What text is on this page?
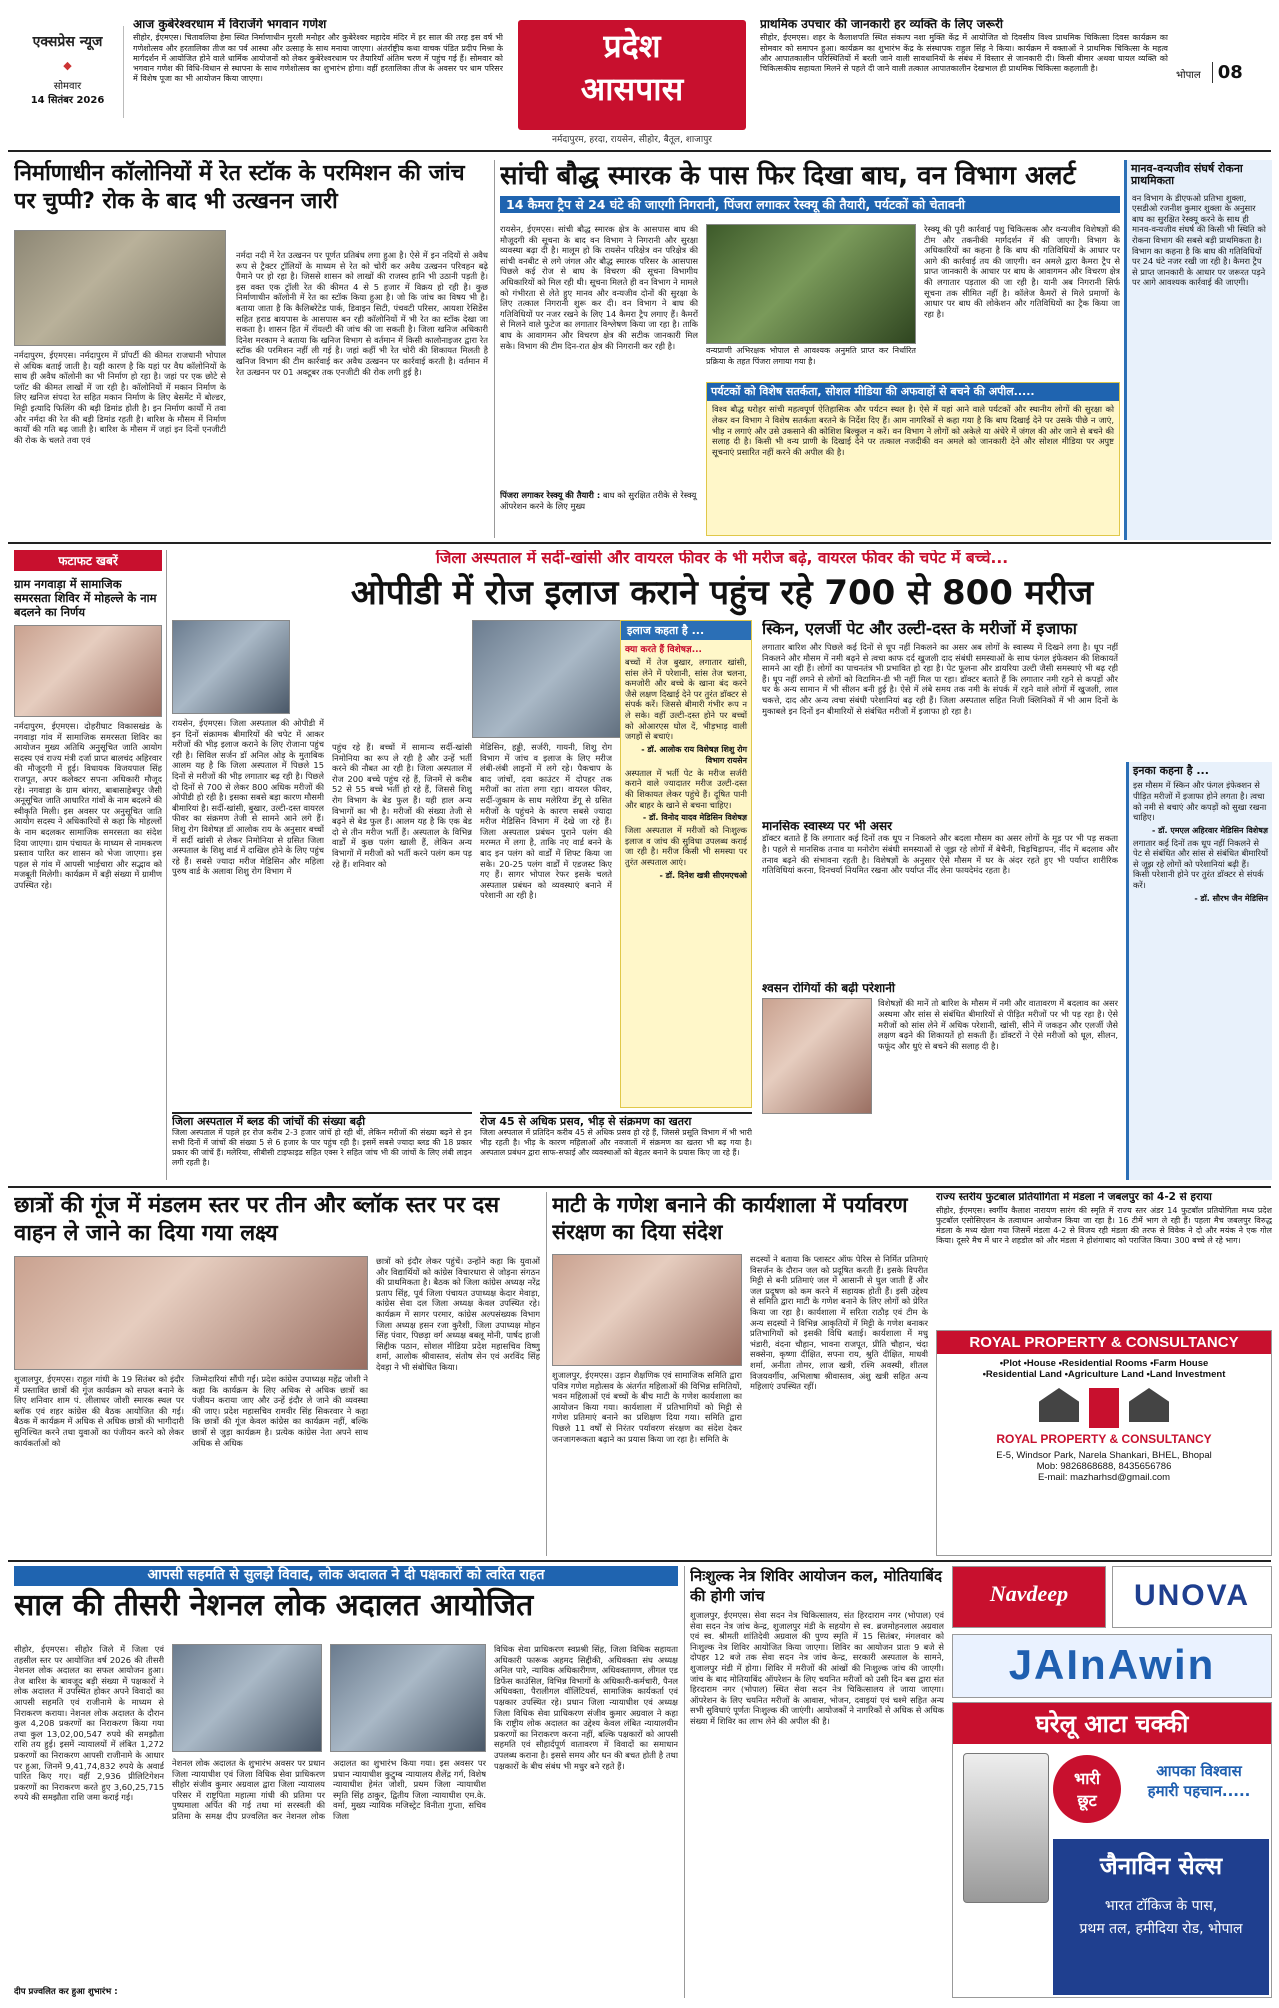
एक्सप्रेस न्यूज
◆
सोमवार
14 सितंबर 2026
आज कुबेरेश्वरधाम में विराजेंगे भगवान गणेश
सीहोर, ईएमएस। चितावलिया हेमा स्थित निर्माणाधीन मुरली मनोहर और कुबेरेश्वर महादेव मंदिर में हर साल की तरह इस वर्ष भी गणेशोत्सव और हरतालिका तीज का पर्व आस्था और उत्साह के साथ मनाया जाएगा। अंतर्राष्ट्रीय कथा वाचक पंडित प्रदीप मिश्रा के मार्गदर्शन में आयोजित होने वाले धार्मिक आयोजनों को लेकर कुबेरेश्वरधाम पर तैयारियाँ अंतिम चरण में पहुंच गई हैं। सोमवार को भगवान गणेश की विधि-विधान से स्थापना के साथ गणेशोत्सव का शुभारंभ होगा। वहीं हरतालिका तीज के अवसर पर धाम परिसर में विशेष पूजा का भी आयोजन किया जाएगा।
प्रदेश
आसपास
नर्मदापुरम, हरदा, रायसेन, सीहोर, बैतूल, शाजापुर
प्राथमिक उपचार की जानकारी हर व्यक्ति के लिए जरूरी
सीहोर, ईएमएस। शहर के कैलाशपति स्थित संकल्प नशा मुक्ति केंद्र में आयोजित वो दिवसीय विश्व प्राथमिक चिकित्सा दिवस कार्यक्रम का सोमवार को समापन हुआ। कार्यक्रम का शुभारंभ केंद्र के संस्थापक राहुल सिंह ने किया। कार्यक्रम में वक्ताओं ने प्राथमिक चिकित्सा के महत्व और आपातकालीन परिस्थितियों में बरती जाने वाली सावधानियों के संबंध में विस्तार से जानकारी दी। किसी बीमार अथवा घायल व्यक्ति को चिकित्सकीय सहायता मिलने से पहले दी जाने वाली तत्काल आपातकालीन देखभाल ही प्राथमिक चिकित्सा कहलाती है।
भोपाल 08
निर्माणाधीन कॉलोनियों में रेत स्टॉक के परमिशन की जांच पर चुप्पी? रोक के बाद भी उत्खनन जारी
नर्मदापुरम, ईएमएस। नर्मदापुरम में प्रॉपर्टी की कीमत राजधानी भोपाल से अधिक बताई जाती है। यही कारण है कि यहां पर वैध कॉलोनियों के साथ ही अवैध कॉलोनी का भी निर्माण हो रहा है। जहां पर एक छोटे से प्लॉट की कीमत लाखों में जा रही है। कॉलोनियों में मकान निर्माण के लिए खनिज संपदा रेत सहित मकान निर्माण के लिए बेसमेंट में बोल्डर, मिट्टी इत्यादि फिलिंग की बड़ी डिमांड होती है। इन निर्माण कार्यों में तवा और नर्मदा की रेत की बड़ी डिमांड रहती है। बारिश के मौसम में निर्माण कार्यों की गति बढ़ जाती है। बारिश के मौसम में जहां इन दिनों एनजीटी की रोक के चलते तवा एवं
नर्मदा नदी में रेत उत्खनन पर पूर्णत प्रतिबंध लगा हुआ है। ऐसे में इन नदियों से अवैध रूप से ट्रैक्टर ट्रॉलियों के माध्यम से रेत को चोरी कर अवैध उत्खनन परिवहन बढ़े पैमाने पर हो रहा है। जिससे शासन को लाखों की राजस्व हानि भी उठानी पड़ती है। इस वक्त एक ट्रॉली रेत की कीमत 4 से 5 हजार में विक्रय हो रही है। कुछ निर्माणाधीन कॉलोनी में रेत का स्टॉक किया हुआ है। जो कि जांच का विषय भी है। बताया जाता है कि कैलिबरेटेड पार्क, डिवाइन सिटी, पंचवटी परिसर, आयशा रेसिडेंस सहित हराड बायपास के आसपास बन रही कॉलोनियों में भी रेत का स्टॉक देखा जा सकता है। शासन हित में रॉयल्टी की जांच की जा सकती है। जिला खनिज अधिकारी दिनेश मरकाम ने बताया कि खनिज विभाग से वर्तमान में किसी कालोनाइजर द्वारा रेत स्टॉक की परमिशन नहीं ली गई है। जहां कहीं भी रेत चोरी की शिकायत मिलती है खनिज विभाग की टीम कार्रवाई कर अवैध उत्खनन पर कार्रवाई करती है। वर्तमान में रेत उत्खनन पर 01 अक्टूबर तक एनजीटी की रोक लगी हुई है।
सांची बौद्ध स्मारक के पास फिर दिखा बाघ, वन विभाग अलर्ट
14 कैमरा ट्रैप से 24 घंटे की जाएगी निगरानी, पिंजरा लगाकर रेस्क्यू की तैयारी, पर्यटकों को चेतावनी
रायसेन, ईएमएस। सांची बौद्ध स्मारक क्षेत्र के आसपास बाघ की मौजूदगी की सूचना के बाद वन विभाग ने निगरानी और सुरक्षा व्यवस्था बढ़ा दी है। मालूम हो कि रायसेन परिक्षेत्र वन परिक्षेत्र की सांची वनबीट से लगे जंगल और बौद्ध स्मारक परिसर के आसपास पिछले कई रोज से बाघ के विचरण की सूचना विभागीय अधिकारियों को मिल रही थी। सूचना मिलते ही वन विभाग ने मामले को गंभीरता से लेते हुए मानव और वन्यजीव दोनों की सुरक्षा के लिए तत्काल निगरानी शुरू कर दी। वन विभाग ने बाघ की गतिविधियों पर नजर रखने के लिए 14 कैमरा ट्रैप लगाए हैं। कैमरों से मिलने वाले फुटेज का लगातार विश्लेषण किया जा रहा है। ताकि बाघ के आवागमन और विचरण क्षेत्र की सटीक जानकारी मिल सके। विभाग की टीम दिन-रात क्षेत्र की निगरानी कर रही है।
पिंजरा लगाकर रेस्क्यू की तैयारी : बाघ को सुरक्षित तरीके से रेस्क्यू ऑपरेशन करने के लिए मुख्य
वन्यप्राणी अभिरक्षक भोपाल से आवश्यक अनुमति प्राप्त कर निर्धारित प्रक्रिया के तहत पिंजरा लगाया गया है।
रेस्क्यू की पूरी कार्रवाई पशु चिकित्सक और वन्यजीव विशेषज्ञों की टीम और तकनीकी मार्गदर्शन में की जाएगी। विभाग के अधिकारियों का कहना है कि बाघ की गतिविधियों के आधार पर आगे की कार्रवाई तय की जाएगी। वन अमले द्वारा कैमरा ट्रैप से प्राप्त जानकारी के आधार पर बाघ के आवागमन और विचरण क्षेत्र की लगातार पड़ताल की जा रही है। यानी अब निगरानी सिर्फ सूचना तक सीमित नहीं है। कॉलेज कैमरों से मिले प्रमाणों के आधार पर बाघ की लोकेशन और गतिविधियों का ट्रैक किया जा रहा है।
पर्यटकों को विशेष सतर्कता, सोशल मीडिया की अफवाहों से बचने की अपील.....
विश्व बौद्ध धरोहर सांची महत्वपूर्ण ऐतिहासिक और पर्यटन स्थल है। ऐसे में यहां आने वाले पर्यटकों और स्थानीय लोगों की सुरक्षा को लेकर वन विभाग ने विशेष सतर्कता बरतने के निर्देश दिए हैं। आम नागरिकों से कहा गया है कि बाघ दिखाई देने पर उसके पीछे न जाएं, भीड़ न लगाएं और उसे उकसाने की कोशिश बिल्कुल न करें। वन विभाग ने लोगों को अकेले या अंधेरे में जंगल की ओर जाने से बचने की सलाह दी है। किसी भी वन्य प्राणी के दिखाई देने पर तत्काल नजदीकी वन अमले को जानकारी देने और सोशल मीडिया पर अपुष्ट सूचनाएं प्रसारित नहीं करने की अपील की है।
मानव-वन्यजीव संघर्ष रोकना प्राथमिकता
वन विभाग के डीएफओ प्रतिभा शुक्ला, एसडीओ रजनीश कुमार शुक्ला के अनुसार बाघ का सुरक्षित रेस्क्यू करने के साथ ही मानव-वन्यजीव संघर्ष की किसी भी स्थिति को रोकना विभाग की सबसे बड़ी प्राथमिकता है। विभाग का कहना है कि बाघ की गतिविधियों पर 24 घंटे नजर रखी जा रही है। कैमरा ट्रैप से प्राप्त जानकारी के आधार पर जरूरत पड़ने पर आगे आवश्यक कार्रवाई की जाएगी।
फटाफट खबरें
ग्राम नगवाड़ा में सामाजिक समरसता शिविर में मोहल्ले के नाम बदलने का निर्णय
नर्मदापुरम, ईएमएस। दोहरीघाट विकासखंड के नगवाड़ा गांव में सामाजिक समरसता शिविर का आयोजन मुख्य अतिथि अनुसूचित जाति आयोग सदस्य एवं राज्य मंत्री दर्जा प्राप्त बालचंद अहिरवार की मौजूदगी में हुई। विधायक विजयपाल सिंह राजपूत, अपर कलेक्टर सपना अधिकारी मौजूद रहे। नगवाड़ा के ग्राम बांगरा, बाबासाहेबपुर जैसी अनूसूचित जाति आधारित गांवों के नाम बदलने की स्वीकृति मिली। इस अवसर पर अनुसूचित जाति आयोग सदस्य ने अधिकारियों से कहा कि मोहल्लों के नाम बदलकर सामाजिक समरसता का संदेश दिया जाएगा। ग्राम पंचायत के माध्यम से नामकरण प्रस्ताव पारित कर शासन को भेजा जाएगा। इस पहल से गांव में आपसी भाईचारा और सद्भाव को मजबूती मिलेगी। कार्यक्रम में बड़ी संख्या में ग्रामीण उपस्थित रहे।
जिला अस्पताल में सर्दी-खांसी और वायरल फीवर के भी मरीज बढ़े, वायरल फीवर की चपेट में बच्चे...
ओपीडी में रोज इलाज कराने पहुंच रहे 700 से 800 मरीज
रायसेन, ईएमएस। जिला अस्पताल की ओपीडी में इन दिनों संक्रामक बीमारियों की चपेट में आकर मरीजों की भीड़ इलाज कराने के लिए रोजाना पहुंच रही है। सिविल सर्जन डॉ अनिल ओड़ के मुताबिक आलम यह है कि जिला अस्पताल में पिछले 15 दिनों से मरीजों की भीड़ लगातार बढ़ रही है। पिछले दो दिनों से 700 से लेकर 800 अधिक मरीजों की ओपीडी हो रही है। इसका सबसे बड़ा कारण मौसमी बीमारियां है। सर्दी-खांसी, बुखार, उल्टी-दस्त वायरल फीवर का संक्रमण तेजी से सामने आने लगे हैं। शिशु रोग विशेषज्ञ डॉ आलोक राय के अनुसार बच्चों में सर्दी खांसी से लेकर निमोनिया से ग्रसित जिला अस्पताल के शिशु वार्ड में दाखिल होने के लिए पहुंच रहे हैं। सबसे ज्यादा मरीज मेडिसिन और महिला पुरुष वार्ड के अलावा शिशु रोग विभाग में
पहुंच रहे हैं। बच्चों में सामान्य सर्दी-खांसी निमोनिया का रूप ले रही है और उन्हें भर्ती करने की नौबत आ रही है। जिला अस्पताल में रोज 200 बच्चे पहुंच रहे हैं, जिनमें से करीब 52 से 55 बच्चे भर्ती हो रहे हैं, जिससे शिशु रोग विभाग के बेड फुल हैं। यही हाल अन्य विभागों का भी है। मरीजों की संख्या तेजी से बढ़ने से बेड फुल हैं। आलम यह है कि एक बेड दो से तीन मरीज भर्ती हैं। अस्पताल के विभिन्न वार्डों में कुछ पलंग खाली हैं, लेकिन अन्य विभागों में मरीजों को भर्ती करने पलंग कम पड़ रहे हैं। शनिवार को
मेडिसिन, हड्डी, सर्जरी, गायनी, शिशु रोग विभाग में जांच व इलाज के लिए मरीज लंबी-लंबी लाइनों में लगे रहे। पैकचाप के बाद जांचों, दवा काउंटर में दोपहर तक मरीजों का तांता लगा रहा। वायरल फीवर, सर्दी-जुकाम के साथ मलेरिया डेंगू से ग्रसित मरीजों के पहुंचने के कारण सबसे ज्यादा मरीज मेडिसिन विभाग में देखे जा रहे हैं। जिला अस्पताल प्रबंधन पुराने पलंग की मरम्मत में लगा है, ताकि नए वार्ड बनने के बाद इन पलंग को वार्डों में शिफ्ट किया जा सके। 20-25 पलंग वार्डों में एडजस्ट किए गए हैं। सागर भोपाल रेफर इसके चलते अस्पताल प्रबंधन को व्यवस्थाएं बनाने में परेशानी आ रही है।
इलाज कहता है ...
क्या करते हैं विशेषज्ञ...
बच्चों में तेज बुखार, लगातार खांसी, सांस लेने में परेशानी, सांस तेज चलना, कमजोरी और बच्चे के खाना बंद करने जैसे लक्षण दिखाई देने पर तुरंत डॉक्टर से संपर्क करें। जिससे बीमारी गंभीर रूप न ले सके। वहीं उल्टी-दस्त होने पर बच्चों को ओआरएस घोल दें, भीड़भाड़ वाली जगहों से बचाएं।
- डॉ. आलोक राय विशेषज्ञ शिशु रोग विभाग रायसेन
अस्पताल में भर्ती पेट के मरीज सर्जरी कराने वाले ज्यादातर मरीज उल्टी-दस्त की शिकायत लेकर पहुंचे हैं। दूषित पानी और बाहर के खाने से बचना चाहिए।
- डॉ. विनोद यादव मेडिसिन विशेषज्ञ
जिला अस्पताल में मरीजों को निःशुल्क इलाज व जांच की सुविधा उपलब्ध कराई जा रही है। मरीज किसी भी समस्या पर तुरंत अस्पताल आएं।
- डॉ. दिनेश खत्री सीएमएचओ
जिला अस्पताल में ब्लड की जांचों की संख्या बढ़ी
जिला अस्पताल में पहले हर रोज करीब 2-3 हजार जांचें हो रही थीं, लेकिन मरीजों की संख्या बढ़ने से इन सभी दिनों में जांचों की संख्या 5 से 6 हजार के पार पहुंच रही है। इसमें सबसे ज्यादा ब्लड की 18 प्रकार प्रकार की जांचें हैं। मलेरिया, सीबीसी टाइफाइड सहित एक्स रे सहित जांच भी की जांचों के लिए लंबी लाइन लगी रहती है।
रोज 45 से अधिक प्रसव, भीड़ से संक्रमण का खतरा
जिला अस्पताल में प्रतिदिन करीब 45 से अधिक प्रसव हो रहे हैं, जिससे प्रसूति विभाग में भी भारी भीड़ रहती है। भीड़ के कारण महिलाओं और नवजातों में संक्रमण का खतरा भी बढ़ गया है। अस्पताल प्रबंधन द्वारा साफ-सफाई और व्यवस्थाओं को बेहतर बनाने के प्रयास किए जा रहे हैं।
स्किन, एलर्जी पेट और उल्टी-दस्त के मरीजों में इजाफा
लगातार बारिश और पिछले कई दिनों से धूप नहीं निकलने का असर अब लोगों के स्वास्थ्य में दिखने लगा है। धूप नहीं निकलने और मौसम में नमी बढ़ने से त्वचा काफ दर्द खुजली दाद संबंधी समस्याओं के साथ फंगल इंफेक्शन की शिकायतें सामने आ रही हैं। लोगों का पाचनतंत्र भी प्रभावित हो रहा है। पेट फूलना और डायरिया उल्टी जैसी समस्याएं भी बढ़ रही हैं। धूप नहीं लगने से लोगों को विटामिन-डी भी नहीं मिल पा रहा। डॉक्टर बताते हैं कि लगातार नमी रहने से कपड़ों और घर के अन्य सामान में भी सीलन बनी हुई है। ऐसे में लंबे समय तक नमी के संपर्क में रहने वाले लोगों में खुजली, लाल चकत्ते, दाद और अन्य त्वचा संबंधी परेशानियां बढ़ रही हैं। जिला अस्पताल सहित निजी क्लिनिकों में भी आम दिनों के मुकाबले इन दिनों इन बीमारियों से संबंधित मरीजों में इजाफा हो रहा है।
मानसिक स्वास्थ्य पर भी असर
डॉक्टर बताते हैं कि लगातार कई दिनों तक धूप न निकलने और बदला मौसम का असर लोगों के मूड पर भी पड़ सकता है। पहले से मानसिक तनाव या मनोरोग संबंधी समस्याओं से जूझ रहे लोगों में बेचैनी, चिड़चिड़ापन, नींद में बदलाव और तनाव बढ़ने की संभावना रहती है। विशेषज्ञों के अनुसार ऐसे मौसम में घर के अंदर रहते हुए भी पर्याप्त शारीरिक गतिविधियां करना, दिनचर्या नियमित रखना और पर्याप्त नींद लेना फायदेमंद रहता है।
श्वसन रोगियों की बढ़ी परेशानी
विशेषज्ञों की मानें तो बारिश के मौसम में नमी और वातावरण में बदलाव का असर अस्थमा और सांस से संबंधित बीमारियों से पीड़ित मरीजों पर भी पड़ रहा है। ऐसे मरीजों को सांस लेने में अधिक परेशानी, खांसी, सीने में जकड़न और एलर्जी जैसे लक्षण बढ़ने की शिकायतें हो सकती हैं। डॉक्टरों ने ऐसे मरीजों को धूल, सीलन, फफूंद और धुएं से बचने की सलाह दी है।
इनका कहना है ...
इस मौसम में स्किन और फंगल इंफेक्शन से पीड़ित मरीजों में इजाफा होने लगता है। त्वचा को नमी से बचाएं और कपड़ों को सुखा रखना चाहिए।
- डॉ. एमएल अहिरवार मेडिसिन विशेषज्ञ
लगातार कई दिनों तक धूप नहीं निकलने से पेट से संबंधित और सांस से संबंधित बीमारियों से जूझ रहे लोगों को परेशानियां बढ़ी हैं। किसी परेशानी होने पर तुरंत डॉक्टर से संपर्क करें।
- डॉ. सौरभ जैन मेडिसिन
छात्रों की गूंज में मंडलम स्तर पर तीन और ब्लॉक स्तर पर दस वाहन ले जाने का दिया गया लक्ष्य
शुजालपुर, ईएमएस। राहुल गांधी के 19 सितंबर को इंदौर में प्रस्तावित छात्रों की गूंज कार्यक्रम को सफल बनाने के लिए शनिवार शाम पं. लीलाधर जोशी स्मारक स्थल पर ब्लॉक एवं शहर कांग्रेस की बैठक आयोजित की गई। बैठक में कार्यक्रम में अधिक से अधिक छात्रों की भागीदारी सुनिश्चित करने तथा युवाओं का पंजीयन करने को लेकर कार्यकर्ताओं को
जिम्मेदारियां सौंपी गईं। प्रदेश कांग्रेस उपाध्यक्ष महेंद्र जोशी ने कहा कि कार्यक्रम के लिए अधिक से अधिक छात्रों का पंजीयन कराया जाए और उन्हें इंदौर ले जाने की व्यवस्था की जाए। प्रदेश महासचिव रामवीर सिंह सिकरवार ने कहा कि छात्रों की गूंज केवल कांग्रेस का कार्यक्रम नहीं, बल्कि छात्रों से जुड़ा कार्यक्रम है। प्रत्येक कांग्रेस नेता अपने साथ अधिक से अधिक
छात्रों को इंदौर लेकर पहुंचें। उन्होंने कहा कि युवाओं और विद्यार्थियों को कांग्रेस विचारधारा से जोड़ना संगठन की प्राथमिकता है। बैठक को जिला कांग्रेस अध्यक्ष नरेंद्र प्रताप सिंह, पूर्व जिला पंचायत उपाध्यक्ष केदार मेवाड़ा, कांग्रेस सेवा दल जिला अध्यक्ष केवल उपस्थित रहे। कार्यक्रम में सागर परमार, कांग्रेस अल्पसंख्यक विभाग जिला अध्यक्ष हसन रजा कुरैशी, जिला उपाध्यक्ष मोहन सिंह पंवार, पिछड़ा वर्ग अध्यक्ष बबलू मोनी, पार्षद हाजी सिद्दीक पठान, सोशल मीडिया प्रदेश महासचिव विष्णु शर्मा, आलोक श्रीवास्तव, संतोष सेन एवं अरविंद सिंह देवड़ा ने भी संबोधित किया।
माटी के गणेश बनाने की कार्यशाला में पर्यावरण संरक्षण का दिया संदेश
शुजालपुर, ईएमएस। उड़ान शैक्षणिक एवं सामाजिक समिति द्वारा पवित्र गणेश महोत्सव के अंतर्गत महिलाओं की विभिन्न समितियों, भवन महिलाओं एवं बच्चों के बीच माटी के गणेश कार्यशाला का आयोजन किया गया। कार्यशाला में प्रतिभागियों को मिट्टी से गणेश प्रतिमाएं बनाने का प्रशिक्षण दिया गया। समिति द्वारा पिछले 11 वर्षों से निरंतर पर्यावरण संरक्षण का संदेश देकर जनजागरूकता बढ़ाने का प्रयास किया जा रहा है। समिति के
सदस्यों ने बताया कि प्लास्टर ऑफ पेरिस से निर्मित प्रतिमाएं विसर्जन के दौरान जल को प्रदूषित करती हैं। इसके विपरीत मिट्टी से बनी प्रतिमाएं जल में आसानी से घुल जाती हैं और जल प्रदूषण को कम करने में सहायक होती हैं। इसी उद्देश्य से समिति द्वारा माटी के गणेश बनाने के लिए लोगों को प्रेरित किया जा रहा है। कार्यशाला में सरिता राठौड़ एवं टीम के अन्य सदस्यों ने विभिन्न आकृतियों में मिट्टी के गणेश बनाकर प्रतिभागियों को इसकी विधि बताई। कार्यशाला में मधु भंडारी, वंदना चौहान, भावना राजपूत, प्रीति चौहान, चंदा सक्सेना, कृष्णा दीक्षित, सपना राय, श्रुति दीक्षित, माधवी शर्मा, अनीता तोमर, लाज खत्री, रश्मि अवस्थी, शीतल विजयवर्गीय, अभिलाषा श्रीवास्तव, अंशु खत्री सहित अन्य महिलाएं उपस्थित रहीं।
राज्य स्तरीय फुटबाल प्रतियोगिता में मंडला ने जबलपुर को 4-2 से हराया
सीहोर, ईएमएस। स्वर्गीय कैलाश नारायण सारंग की स्मृति में राज्य स्तर अंडर 14 फुटबॉल प्रतियोगिता मध्य प्रदेश फुटबॉल एसोसिएशन के तत्वाधान आयोजन किया जा रहा है। 16 टीमें भाग ले रही हैं। पहला मैच जबलपुर विरुद्ध मंडला के मध्य खेला गया जिसमें मंडला 4-2 से विजय रही मंडला की तरफ से विवेक ने दो और मयंक ने एक गोल किया। दूसरे मैच में धार ने शहडोल को और मंडला ने होशंगाबाद को पराजित किया। 300 बच्चे ले रहे भाग।
ROYAL PROPERTY & CONSULTANCY
•Plot •House •Residential Rooms •Farm House
•Residential Land •Agriculture Land •Land Investment
ROYAL PROPERTY & CONSULTANCY
E-5, Windsor Park, Narela Shankari, BHEL, Bhopal
Mob: 9826868688, 8435656786
E-mail: mazharhsd@gmail.com
आपसी सहमति से सुलझे विवाद, लोक अदालत ने दी पक्षकारों को त्वरित राहत
साल की तीसरी नेशनल लोक अदालत आयोजित
सीहोर, ईएमएस। सीहोर जिले में जिला एवं तहसील स्तर पर आयोजित वर्ष 2026 की तीसरी नेशनल लोक अदालत का सफल आयोजन हुआ। तेज बारिश के बावजूद बड़ी संख्या में पक्षकारों ने लोक अदालत में उपस्थित होकर अपने विवादों का आपसी सहमति एवं राजीनामे के माध्यम से निराकरण कराया। नेशनल लोक अदालत के दौरान कुल 4,208 प्रकरणों का निराकरण किया गया तथा कुल 13,02,00,547 रुपये की समझौता राशि तय हुई। इसमें न्यायालयों में लंबित 1,272 प्रकरणों का निराकरण आपसी राजीनामे के आधार पर हुआ, जिनमें 9,41,74,832 रुपये के अवार्ड पारित किए गए। वहीं 2,936 प्रीलिटिगेशन प्रकरणों का निराकरण करते हुए 3,60,25,715 रुपये की समझौता राशि जमा कराई गई।
नेशनल लोक अदालत के शुभारंभ अवसर पर प्रधान जिला न्यायाधीश एवं जिला विधिक सेवा प्राधिकरण सीहोर संजीव कुमार अग्रवाल द्वारा जिला न्यायालय परिसर में राष्ट्रपिता महात्मा गांधी की प्रतिमा पर पुष्पमाला अर्पित की गई तथा मां सरस्वती की प्रतिमा के समक्ष दीप प्रज्वलित कर नेशनल लोक अदालत का शुभारंभ किया गया। इस अवसर पर प्रधान न्यायाधीश कुटुम्ब न्यायालय शैलेंद्र गर्ग, विशेष न्यायाधीश हेमंत जोशी, प्रथम जिला न्यायाधीश स्मृति सिंह ठाकुर, द्वितीय जिला न्यायाधीश एम.के. वर्मा, मुख्य न्यायिक मजिस्ट्रेट विनीता गुप्ता, सचिव जिला
विधिक सेवा प्राधिकरण स्वप्नश्री सिंह, जिला विधिक सहायता अधिकारी फारूक अहमद सिद्दीकी, अधिवक्ता संघ अध्यक्ष अनिल पारे, न्यायिक अधिकारीगण, अधिवक्तागण, लीगल एड डिफेंस काउंसिल, विभिन्न विभागों के अधिकारी-कर्मचारी, पैनल अधिवक्ता, पैरालीगल वॉलिंटियर्स, सामाजिक कार्यकर्ता एवं पक्षकार उपस्थित रहे। प्रधान जिला न्यायाधीश एवं अध्यक्ष जिला विधिक सेवा प्राधिकरण संजीव कुमार अग्रवाल ने कहा कि राष्ट्रीय लोक अदालत का उद्देश्य केवल लंबित न्यायालयीन प्रकरणों का निराकरण करना नहीं, बल्कि पक्षकारों को आपसी सहमति एवं सौहार्दपूर्ण वातावरण में विवादों का समाधान उपलब्ध कराना है। इससे समय और धन की बचत होती है तथा पक्षकारों के बीच संबंध भी मधुर बने रहते हैं।
दीप प्रज्वलित कर हुआ शुभारंभ :
निःशुल्क नेत्र शिविर आयोजन कल, मोतियाबिंद की होगी जांच
शुजालपुर, ईएमएस। सेवा सदन नेत्र चिकित्सालय, संत हिरदाराम नगर (भोपाल) एवं सेवा सदन नेत्र जांच केन्द्र, शुजालपुर मंडी के सहयोग से स्व. ब्रजमोहनलाल अग्रवाल एवं स्व. श्रीमती शांतिदेवी अग्रवाल की पुण्य स्मृति में 15 सितंबर, मंगलवार को निःशुल्क नेत्र शिविर आयोजित किया जाएगा। शिविर का आयोजन प्रातः 9 बजे से दोपहर 12 बजे तक सेवा सदन नेत्र जांच केन्द्र, सरकारी अस्पताल के सामने, शुजालपुर मंडी में होगा। शिविर में मरीजों की आंखों की निःशुल्क जांच की जाएगी। जांच के बाद मोतियाबिंद ऑपरेशन के लिए चयनित मरीजों को उसी दिन बस द्वारा संत हिरदाराम नगर (भोपाल) स्थित सेवा सदन नेत्र चिकित्सालय ले जाया जाएगा। ऑपरेशन के लिए चयनित मरीजों के आवास, भोजन, दवाइयां एवं चश्मे सहित अन्य सभी सुविधाएं पूर्णतः निःशुल्क की जाएंगी। आयोजकों ने नागरिकों से अधिक से अधिक संख्या में शिविर का लाभ लेने की अपील की है।
Navdeep	UNOVA
JAInAwin
घरेलू आटा चक्की
भारी
छूट
आपका विश्वास
हमारी पहचान.....
जैनाविन सेल्स
भारत टॉकिज के पास,
प्रथम तल, हमीदिया रोड, भोपाल
